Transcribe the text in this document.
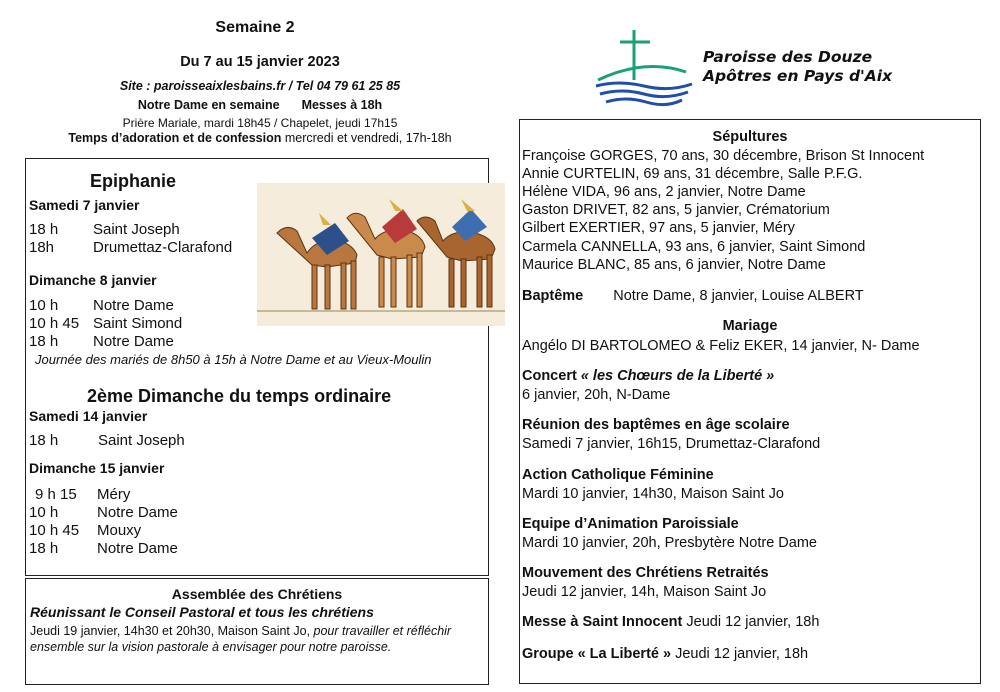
Semaine 2
Du 7 au 15 janvier 2023
Site : paroisseaixlesbains.fr / Tel 04 79 61 25 85
Notre Dame en semaine Messes à 18h
Prière Mariale, mardi 18h45 / Chapelet, jeudi 17h15
Temps d’adoration et de confession mercredi et vendredi, 17h-18h
Paroisse des Douze
Apôtres en Pays d'Aix
Epiphanie
Samedi 7 janvier
18 h Saint Joseph
18h	Drumettaz-Clarafond
Dimanche 8 janvier
10 h Notre Dame
10 h 45 Saint Simond
18 h Notre Dame
Journée des mariés de 8h50 à 15h à Notre Dame et au Vieux-Moulin
2ème Dimanche du temps ordinaire
Samedi 14 janvier
18 h	Saint Joseph
Dimanche 15 janvier
9 h 15 Méry
10 h	Notre Dame
10 h 45 Mouxy
18 h	Notre Dame
Assemblée des Chrétiens
Réunissant le Conseil Pastoral et tous les chrétiens
Jeudi 19 janvier, 14h30 et 20h30, Maison Saint Jo, pour travailler et réfléchir ensemble sur la vision pastorale à envisager pour notre paroisse.
Sépultures
Françoise GORGES, 70 ans, 30 décembre, Brison St Innocent
Annie CURTELIN, 69 ans, 31 décembre, Salle P.F.G.
Hélène VIDA, 96 ans, 2 janvier, Notre Dame
Gaston DRIVET, 82 ans, 5 janvier, Crématorium
Gilbert EXERTIER, 97 ans, 5 janvier, Méry
Carmela CANNELLA, 93 ans, 6 janvier, Saint Simond
Maurice BLANC, 85 ans, 6 janvier, Notre Dame
Baptême Notre Dame, 8 janvier, Louise ALBERT
Mariage
Angélo DI BARTOLOMEO & Feliz EKER, 14 janvier, N- Dame
Concert « les Chœurs de la Liberté »
6 janvier, 20h, N-Dame
Réunion des baptêmes en âge scolaire
Samedi 7 janvier, 16h15, Drumettaz-Clarafond
Action Catholique Féminine
Mardi 10 janvier, 14h30, Maison Saint Jo
Equipe d’Animation Paroissiale
Mardi 10 janvier, 20h, Presbytère Notre Dame
Mouvement des Chrétiens Retraités
Jeudi 12 janvier, 14h, Maison Saint Jo
Messe à Saint Innocent Jeudi 12 janvier, 18h
Groupe « La Liberté » Jeudi 12 janvier, 18h
